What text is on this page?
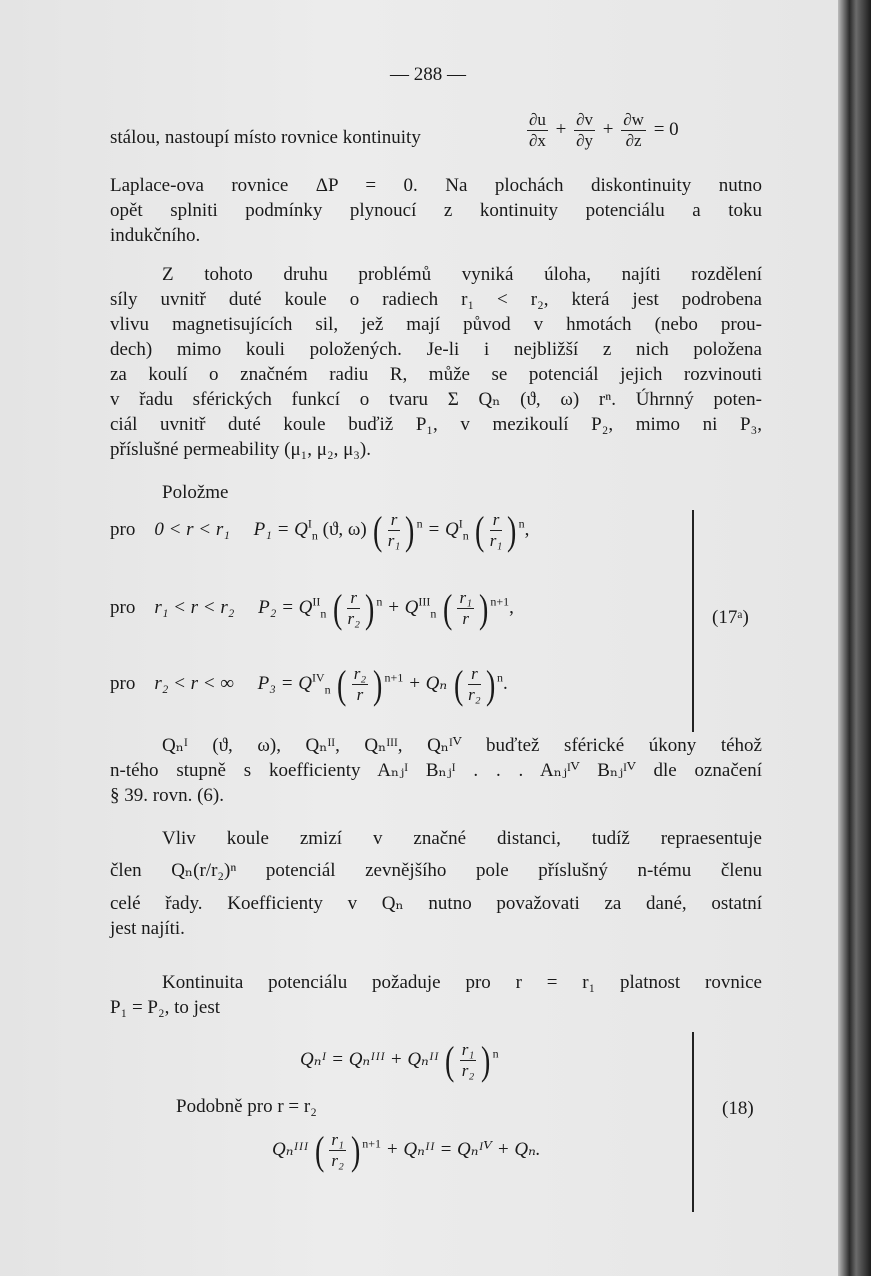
— 288 —
stálou, nastoupí místo rovnice kontinuity	$\frac{\partial u}{\partial x} + \frac{\partial v}{\partial y} + \frac{\partial w}{\partial z} = 0$
Laplace-ova rovnice ΔP = 0. Na plochách diskontinuity nutno
opět splniti podmínky plynoucí z kontinuity potenciálu a toku
indukčního.
Z tohoto druhu problémů vyniká úloha, najíti rozdělení
síly uvnitř duté koule o radiech r₁ < r₂, která jest podrobena
vlivu magnetisujících sil, jež mají původ v hmotách (nebo prou-
dech) mimo kouli položených. Je-li i nejbližší z nich položena
za koulí o značném radiu R, může se potenciál jejich rozvinouti
v řadu sférických funkcí o tvaru Σ Qₙ (ϑ, ω) rⁿ. Úhrnný poten-
ciál uvnitř duté koule buďiž P₁, v mezikoulí P₂, mimo ni P₃,
příslušné permeability (μ₁, μ₂, μ₃).
Položme
pro 0 < r < r₁ $P_1 = Q^I_n$ (ϑ, ω) ( $\frac{r}{\text{r₁}}$ ) $^n = Q^I_n$ ( $\frac{r}{\text{r₁}}$ ) $^n$,
pro r₁ < r < r₂ $P_2 = Q^{II}_n$ ( $\frac{r}{\text{r₂}}$ ) $^n + Q^{III}_n$ ( $\frac{\text{r₁}}{r}$ ) $^{n+1}$,
pro r₂ < r < ∞ $P_3 = Q^{IV}_n$ ( $\frac{\text{r₂}}{r}$ ) $^{n+1}$ + Qₙ ( $\frac{r}{\text{r₂}}$ ) $^n$.
(17ᵃ)
Qₙᴵ (ϑ, ω), Qₙᴵᴵ, Qₙᴵᴵᴵ, Qₙᴵⱽ buďtež sférické úkony téhož
n-tého stupně s koefficienty Aₙⱼᴵ Bₙⱼᴵ . . . Aₙⱼᴵⱽ Bₙⱼᴵⱽ dle označení
§ 39. rovn. (6).
Vliv koule zmizí v značné distanci, tudíž repraesentuje
člen Qₙ(r/r₂)ⁿ potenciál zevnějšího pole příslušný n-tému členu
celé řady. Koefficienty v Qₙ nutno považovati za dané, ostatní
jest najíti.
Kontinuita potenciálu požaduje pro r = r₁ platnost rovnice
P₁ = P₂, to jest
Qₙᴵ = Qₙᴵᴵᴵ + Qₙᴵᴵ ( $\frac{\text{r₁}}{\text{r₂}}$ ) $^n$
Podobně pro r = r₂
Qₙᴵᴵᴵ ( $\frac{\text{r₁}}{\text{r₂}}$ ) $^{n+1}$ + Qₙᴵᴵ = Qₙᴵⱽ + Qₙ.
(18)
